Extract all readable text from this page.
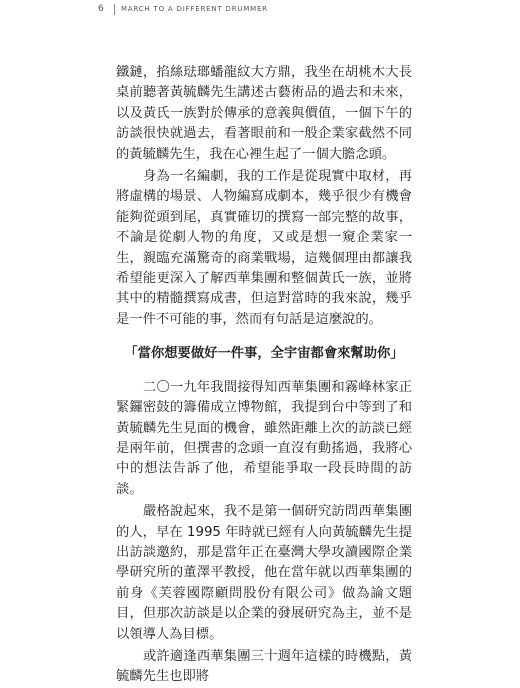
6	MARCH TO A DIFFERENT DRUMMER

鐵鏈，掐絲琺瑯蟠龍紋大方鼎，我坐在胡桃木大長桌前聽著黃毓麟先生講述古藝術品的過去和未來，以及黃氏一族對於傳承的意義與價值，一個下午的訪談很快就過去，看著眼前和一般企業家截然不同的黃毓麟先生，我在心裡生起了一個大膽念頭。

身為一名編劇，我的工作是從現實中取材，再將虛構的場景、人物編寫成劇本，幾乎很少有機會能夠從頭到尾，真實確切的撰寫一部完整的故事，不論是從劇人物的角度，又或是想一窺企業家一生，親臨充滿驚奇的商業戰場，這幾個理由都讓我希望能更深入了解西華集團和整個黃氏一族，並將其中的精髓撰寫成書，但這對當時的我來說，幾乎是一件不可能的事，然而有句話是這麼說的。

「當你想要做好一件事，全宇宙都會來幫助你」

二〇一九年我間接得知西華集團和霧峰林家正緊鑼密鼓的籌備成立博物館，我提到台中等到了和黃毓麟先生見面的機會，雖然距離上次的訪談已經是兩年前，但撰書的念頭一直沒有動搖過，我將心中的想法告訴了他，希望能爭取一段長時間的訪談。

嚴格說起來，我不是第一個研究訪問西華集團的人，早在 1995 年時就已經有人向黃毓麟先生提出訪談邀約，那是當年正在臺灣大學攻讀國際企業學研究所的董澤平教授，他在當年就以西華集團的前身《芙蓉國際顧問股份有限公司》做為論文題目，但那次訪談是以企業的發展研究為主，並不是以領導人為目標。

或許適逢西華集團三十週年這樣的時機點，黃毓麟先生也即將
